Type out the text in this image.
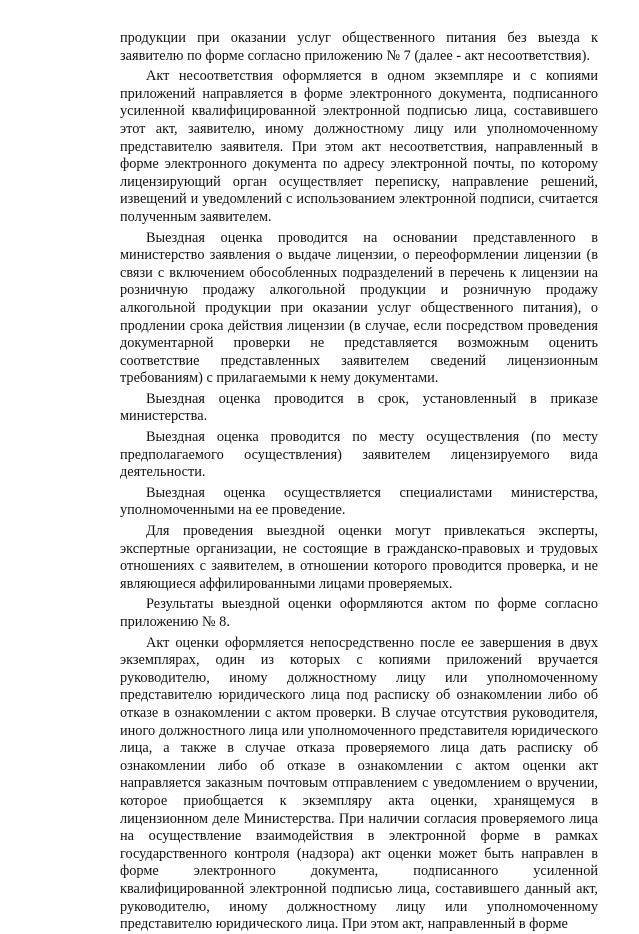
продукции при оказании услуг общественного питания без выезда к заявителю по форме согласно приложению № 7 (далее - акт несоответствия).

Акт несоответствия оформляется в одном экземпляре и с копиями приложений направляется в форме электронного документа, подписанного усиленной квалифицированной электронной подписью лица, составившего этот акт, заявителю, иному должностному лицу или уполномоченному представителю заявителя. При этом акт несоответствия, направленный в форме электронного документа по адресу электронной почты, по которому лицензирующий орган осуществляет переписку, направление решений, извещений и уведомлений с использованием электронной подписи, считается полученным заявителем.

Выездная оценка проводится на основании представленного в министерство заявления о выдаче лицензии, о переоформлении лицензии (в связи с включением обособленных подразделений в перечень к лицензии на розничную продажу алкогольной продукции и розничную продажу алкогольной продукции при оказании услуг общественного питания), о продлении срока действия лицензии (в случае, если посредством проведения документарной проверки не представляется возможным оценить соответствие представленных заявителем сведений лицензионным требованиям) с прилагаемыми к нему документами.

Выездная оценка проводится в срок, установленный в приказе министерства.

Выездная оценка проводится по месту осуществления (по месту предполагаемого осуществления) заявителем лицензируемого вида деятельности.

Выездная оценка осуществляется специалистами министерства, уполномоченными на ее проведение.

Для проведения выездной оценки могут привлекаться эксперты, экспертные организации, не состоящие в гражданско-правовых и трудовых отношениях с заявителем, в отношении которого проводится проверка, и не являющиеся аффилированными лицами проверяемых.

Результаты выездной оценки оформляются актом по форме согласно приложению № 8.

Акт оценки оформляется непосредственно после ее завершения в двух экземплярах, один из которых с копиями приложений вручается руководителю, иному должностному лицу или уполномоченному представителю юридического лица под расписку об ознакомлении либо об отказе в ознакомлении с актом проверки. В случае отсутствия руководителя, иного должностного лица или уполномоченного представителя юридического лица, а также в случае отказа проверяемого лица дать расписку об ознакомлении либо об отказе в ознакомлении с актом оценки акт направляется заказным почтовым отправлением с уведомлением о вручении, которое приобщается к экземпляру акта оценки, хранящемуся в лицензионном деле Министерства. При наличии согласия проверяемого лица на осуществление взаимодействия в электронной форме в рамках государственного контроля (надзора) акт оценки может быть направлен в форме электронного документа, подписанного усиленной квалифицированной электронной подписью лица, составившего данный акт, руководителю, иному должностному лицу или уполномоченному представителю юридического лица. При этом акт, направленный в форме
